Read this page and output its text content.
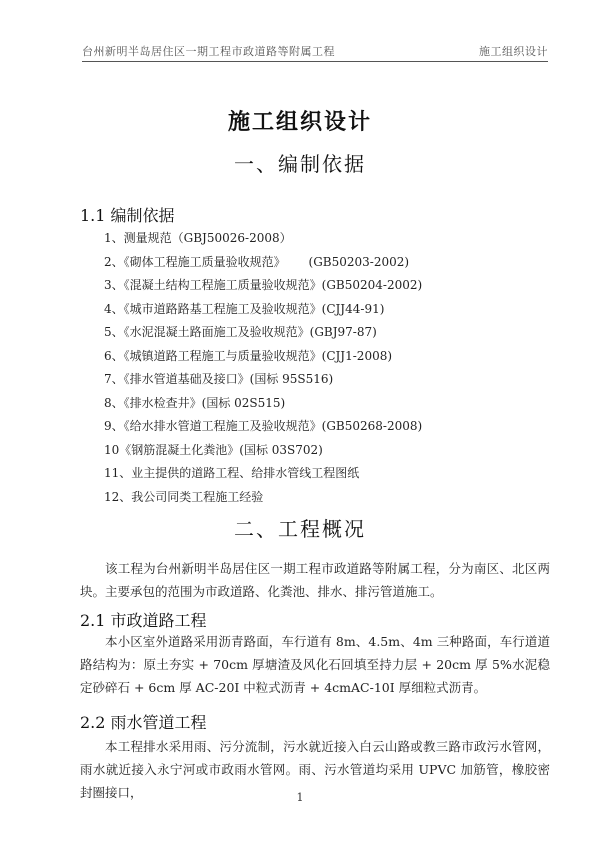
台州新明半岛居住区一期工程市政道路等附属工程	施工组织设计
施工组织设计
一、编制依据
1.1 编制依据
1、测量规范（GBJ50026-2008）
2、《砌体工程施工质量验收规范》      (GB50203-2002)
3、《混凝土结构工程施工质量验收规范》(GB50204-2002)
4、《城市道路路基工程施工及验收规范》(CJJ44-91)
5、《水泥混凝土路面施工及验收规范》(GBJ97-87)
6、《城镇道路工程施工与质量验收规范》(CJJ1-2008)
7、《排水管道基础及接口》(国标 95S516)
8、《排水检查井》(国标 02S515)
9、《给水排水管道工程施工及验收规范》(GB50268-2008)
10《钢筋混凝土化粪池》(国标 03S702)
11、业主提供的道路工程、给排水管线工程图纸
12、我公司同类工程施工经验
二、工程概况

该工程为台州新明半岛居住区一期工程市政道路等附属工程，分为南区、北区两块。主要承包的范围为市政道路、化粪池、排水、排污管道施工。

2.1 市政道路工程

本小区室外道路采用沥青路面，车行道有 8m、4.5m、4m 三种路面，车行道道路结构为：原土夯实 + 70cm 厚塘渣及风化石回填至持力层 + 20cm 厚 5%水泥稳定砂碎石 + 6cm 厚 AC-20I 中粒式沥青 + 4cmAC-10I 厚细粒式沥青。

2.2 雨水管道工程

本工程排水采用雨、污分流制，污水就近接入白云山路或教三路市政污水管网，雨水就近接入永宁河或市政雨水管网。雨、污水管道均采用 UPVC 加筋管，橡胶密封圈接口，	1
